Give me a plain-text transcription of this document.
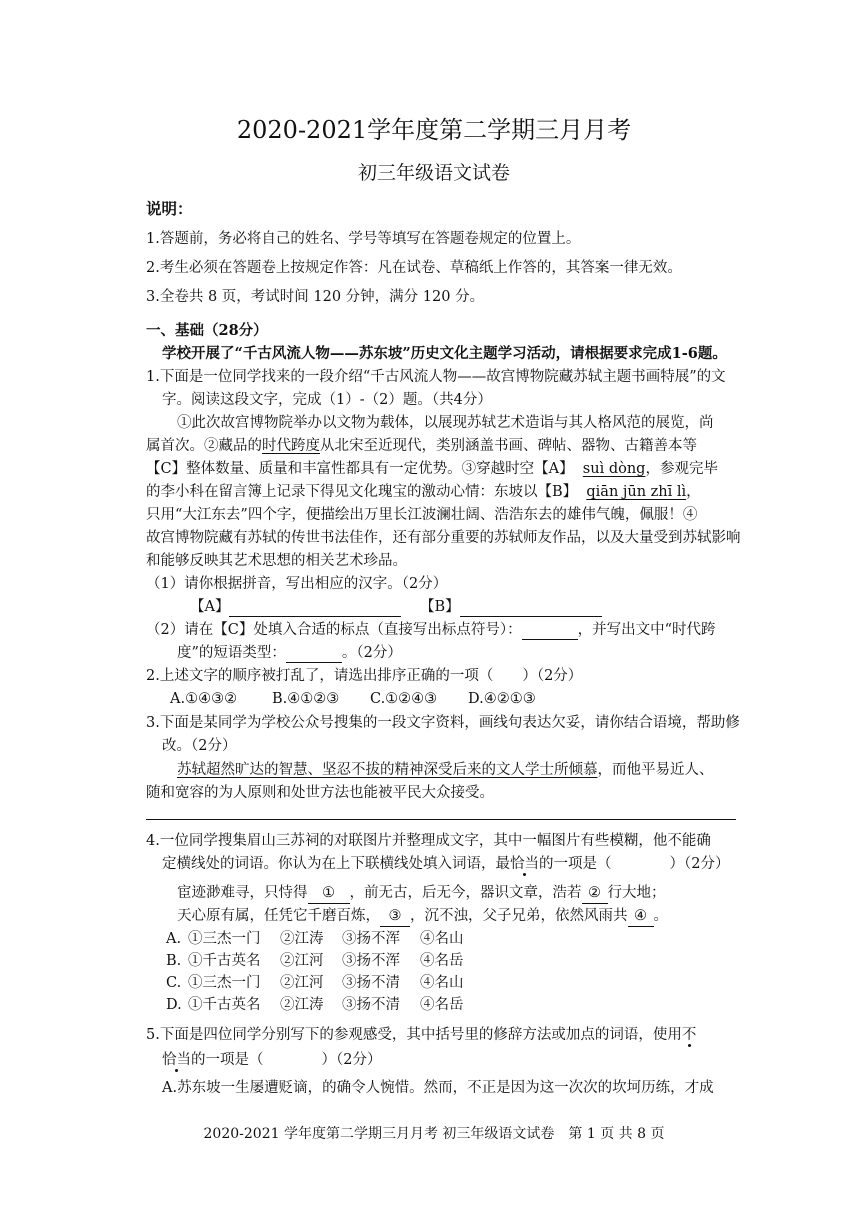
2020-2021学年度第二学期三月月考
初三年级语文试卷
说明：
1.答题前，务必将自己的姓名、学号等填写在答题卷规定的位置上。
2.考生必须在答题卷上按规定作答：凡在试卷、草稿纸上作答的，其答案一律无效。
3.全卷共 8 页，考试时间 120 分钟，满分 120 分。
一、基础（28分）
学校开展了“千古风流人物——苏东坡”历史文化主题学习活动，请根据要求完成1-6题。
1.下面是一位同学找来的一段介绍“千古风流人物——故宫博物院藏苏轼主题书画特展”的文
字。阅读这段文字，完成（1）-（2）题。（共4分）
①此次故宫博物院举办以文物为载体，以展现苏轼艺术造诣与其人格风范的展览，尚
属首次。②藏品的时代跨度从北宋至近现代，类别涵盖书画、碑帖、器物、古籍善本等
【C】整体数量、质量和丰富性都具有一定优势。③穿越时空【A】 suì dòng，参观完毕
的李小科在留言簿上记录下得见文化瑰宝的激动心情：东坡以【B】 qiān jūn zhī lì，
只用“大江东去”四个字，便描绘出万里长江波澜壮阔、浩浩东去的雄伟气魄，佩服！④
故宫博物院藏有苏轼的传世书法佳作，还有部分重要的苏轼师友作品，以及大量受到苏轼影响
和能够反映其艺术思想的相关艺术珍品。
（1）请你根据拼音，写出相应的汉字。（2分）
【A】	【B】
（2）请在【C】处填入合适的标点（直接写出标点符号）：	，并写出文中“时代跨
度”的短语类型：	。（2分）
2.上述文字的顺序被打乱了，请选出排序正确的一项（　　）（2分）
A.①④③② B.④①②③ C.①②④③ D.④②①③
3.下面是某同学为学校公众号搜集的一段文字资料，画线句表达欠妥，请你结合语境，帮助修
改。（2分）
苏轼超然旷达的智慧、坚忍不拔的精神深受后来的文人学士所倾慕，而他平易近人、
随和宽容的为人原则和处世方法也能被平民大众接受。
4.一位同学搜集眉山三苏祠的对联图片并整理成文字，其中一幅图片有些模糊，他不能确
定横线处的词语。你认为在上下联横线处填入词语，最恰当的一项是（　　　　）（2分）
宦迹渺难寻，只恃得 ① ，前无古，后无今，器识文章，浩若 ② 行大地；
天心原有属，任凭它千磨百炼， ③ ，沉不浊，父子兄弟，依然风雨共 ④ 。
A. ①三杰一门 ②江涛 ③扬不浑 ④名山
B. ①千古英名 ②江河 ③扬不浑 ④名岳
C. ①三杰一门 ②江河 ③扬不清 ④名山
D. ①千古英名 ②江涛 ③扬不清 ④名岳
5.下面是四位同学分别写下的参观感受，其中括号里的修辞方法或加点的词语，使用不
恰当的一项是（　　　　）（2分）
A.苏东坡一生屡遭贬谪，的确令人惋惜。然而，不正是因为这一次次的坎坷历练，才成
2020-2021 学年度第二学期三月月考 初三年级语文试卷　第 1 页 共 8 页
